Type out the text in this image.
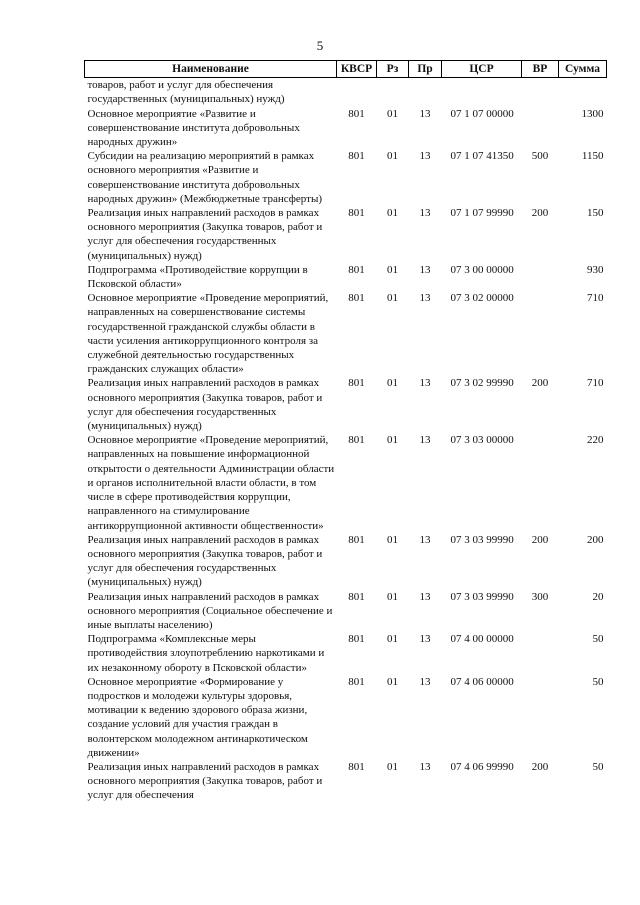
5
Наименование	КВСР	Рз	Пр	ЦСР	ВР	Сумма
товаров, работ и услуг для обеспечения государственных (муниципальных) нужд)						
Основное мероприятие «Развитие и совершенствование института добровольных народных дружин»	801	01	13	07 1 07 00000		1300
Субсидии на реализацию мероприятий в рамках основного мероприятия «Развитие и совершенствование института добровольных народных дружин» (Межбюджетные трансферты)	801	01	13	07 1 07 41350	500	1150
Реализация иных направлений расходов в рамках основного мероприятия (Закупка товаров, работ и услуг для обеспечения государственных (муниципальных) нужд)	801	01	13	07 1 07 99990	200	150
Подпрограмма «Противодействие коррупции в Псковской области»	801	01	13	07 3 00 00000		930
Основное мероприятие «Проведение мероприятий, направленных на совершенствование системы государственной гражданской службы области в части усиления антикоррупционного контроля за служебной деятельностью государственных гражданских служащих области»	801	01	13	07 3 02 00000		710
Реализация иных направлений расходов в рамках основного мероприятия (Закупка товаров, работ и услуг для обеспечения государственных (муниципальных) нужд)	801	01	13	07 3 02 99990	200	710
Основное мероприятие «Проведение мероприятий, направленных на повышение информационной открытости о деятельности Администрации области и органов исполнительной власти области, в том числе в сфере противодействия коррупции, направленного на стимулирование антикоррупционной активности общественности»	801	01	13	07 3 03 00000		220
Реализация иных направлений расходов в рамках основного мероприятия (Закупка товаров, работ и услуг для обеспечения государственных (муниципальных) нужд)	801	01	13	07 3 03 99990	200	200
Реализация иных направлений расходов в рамках основного мероприятия (Социальное обеспечение и иные выплаты населению)	801	01	13	07 3 03 99990	300	20
Подпрограмма «Комплексные меры противодействия злоупотреблению наркотиками и их незаконному обороту в Псковской области»	801	01	13	07 4 00 00000		50
Основное мероприятие «Формирование у подростков и молодежи культуры здоровья, мотивации к ведению здорового образа жизни, создание условий для участия граждан в волонтерском молодежном антинаркотическом движении»	801	01	13	07 4 06 00000		50
Реализация иных направлений расходов в рамках основного мероприятия (Закупка товаров, работ и услуг для обеспечения	801	01	13	07 4 06 99990	200	50
